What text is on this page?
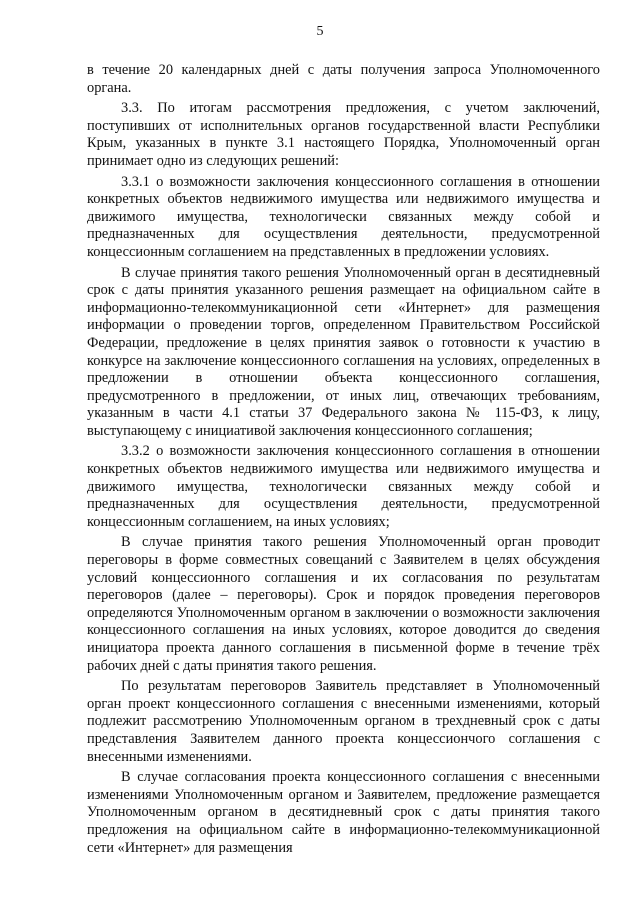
5

в течение 20 календарных дней с даты получения запроса Уполномоченного органа.

3.3. По итогам рассмотрения предложения, с учетом заключений, поступивших от исполнительных органов государственной власти Республики Крым, указанных в пункте 3.1 настоящего Порядка, Уполномоченный орган принимает одно из следующих решений:

3.3.1 о возможности заключения концессионного соглашения в отношении конкретных объектов недвижимого имущества или недвижимого имущества и движимого имущества, технологически связанных между собой и предназначенных для осуществления деятельности, предусмотренной концессионным соглашением на представленных в предложении условиях.

В случае принятия такого решения Уполномоченный орган в десятидневный срок с даты принятия указанного решения размещает на официальном сайте в информационно-телекоммуникационной сети «Интернет» для размещения информации о проведении торгов, определенном Правительством Российской Федерации, предложение в целях принятия заявок о готовности к участию в конкурсе на заключение концессионного соглашения на условиях, определенных в предложении в отношении объекта концессионного соглашения, предусмотренного в предложении, от иных лиц, отвечающих требованиям, указанным в части 4.1 статьи 37 Федерального закона № 115-ФЗ, к лицу, выступающему с инициативой заключения концессионного соглашения;

3.3.2 о возможности заключения концессионного соглашения в отношении конкретных объектов недвижимого имущества или недвижимого имущества и движимого имущества, технологически связанных между собой и предназначенных для осуществления деятельности, предусмотренной концессионным соглашением, на иных условиях;

В случае принятия такого решения Уполномоченный орган проводит переговоры в форме совместных совещаний с Заявителем в целях обсуждения условий концессионного соглашения и их согласования по результатам переговоров (далее – переговоры). Срок и порядок проведения переговоров определяются Уполномоченным органом в заключении о возможности заключения концессионного соглашения на иных условиях, которое доводится до сведения инициатора проекта данного соглашения в письменной форме в течение трёх рабочих дней с даты принятия такого решения.

По результатам переговоров Заявитель представляет в Уполномоченный орган проект концессионного соглашения с внесенными изменениями, который подлежит рассмотрению Уполномоченным органом в трехдневный срок с даты представления Заявителем данного проекта концессиончого соглашения с внесенными изменениями.

В случае согласования проекта концессионного соглашения с внесенными изменениями Уполномоченным органом и Заявителем, предложение размещается Уполномоченным органом в десятидневный срок с даты принятия такого предложения на официальном сайте в информационно-телекоммуникационной сети «Интернет» для размещения
